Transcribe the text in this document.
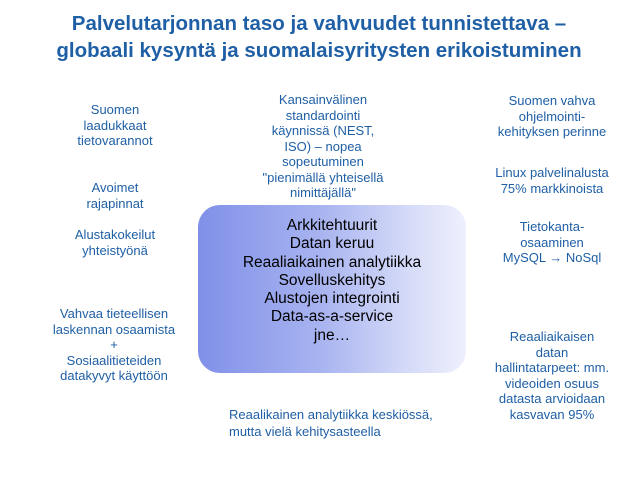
Palvelutarjonnan taso ja vahvuudet tunnistettava –
globaali kysyntä ja suomalaisyritysten erikoistuminen
Suomen
laadukkaat
tietovarannot
Avoimet
rajapinnat
Alustakokeilut
yhteistyönä
Vahvaa tieteellisen
laskennan osaamista
+
Sosiaalitieteiden
datakyvyt käyttöön
Kansainvälinen
standardointi
käynnissä (NEST,
ISO) – nopea
sopeutuminen
"pienimällä yhteisellä
nimittäjällä"
Arkkitehtuurit
Datan keruu
Reaaliaikainen analytiikka
Sovelluskehitys
Alustojen integrointi
Data-as-a-service
jne…
Reaalikainen analytiikka keskiössä,
mutta vielä kehitysasteella
Suomen vahva
ohjelmointi-
kehityksen perinne
Linux palvelinalusta
75% markkinoista
Tietokanta-
osaaminen
MySQL → NoSql
Reaaliaikaisen
datan
hallintatarpeet: mm.
videoiden osuus
datasta arvioidaan
kasvavan 95%
